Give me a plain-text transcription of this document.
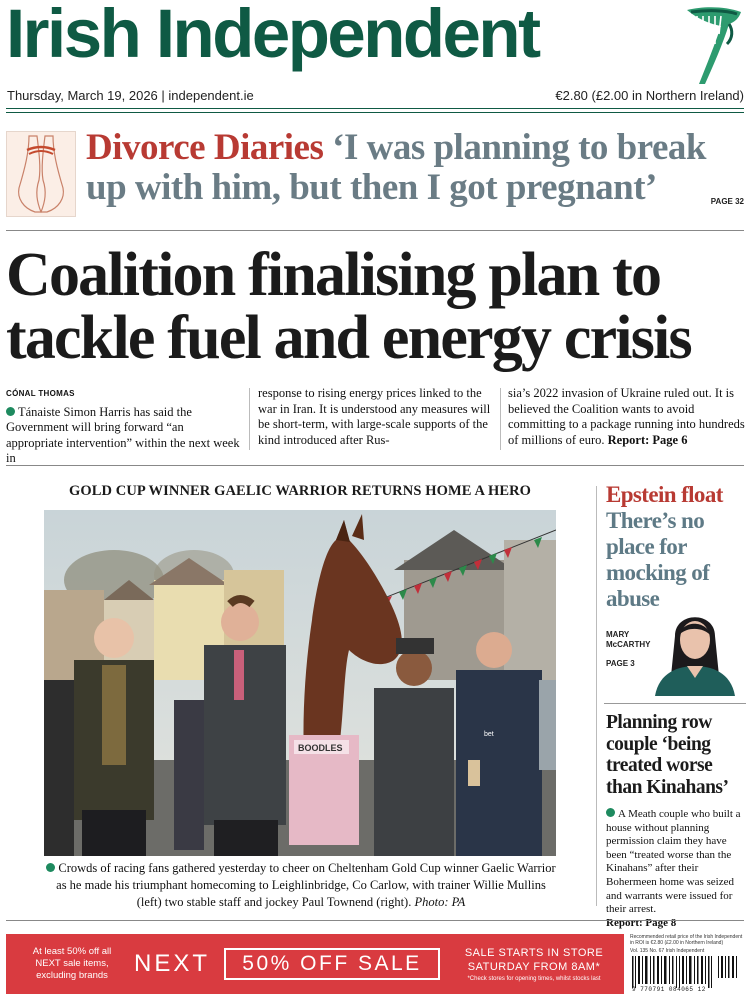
Irish Independent
Thursday, March 19, 2026 | independent.ie	€2.80 (£2.00 in Northern Ireland)
Divorce Diaries ‘I was planning to break up with him, but then I got pregnant’	PAGE 32
Coalition finalising plan to tackle fuel and energy crisis
CÓNAL THOMAS
Tánaiste Simon Harris has said the Government will bring forward “an appropriate intervention” within the next week in
response to rising energy prices linked to the war in Iran. It is understood any measures will be short-term, with large-scale supports of the kind introduced after Rus-
sia’s 2022 invasion of Ukraine ruled out. It is believed the Coalition wants to avoid committing to a package running into hundreds of millions of euro. Report: Page 6
GOLD CUP WINNER GAELIC WARRIOR RETURNS HOME A HERO
BOODLES
bet
Crowds of racing fans gathered yesterday to cheer on Cheltenham Gold Cup winner Gaelic Warrior as he made his triumphant homecoming to Leighlinbridge, Co Carlow, with trainer Willie Mullins (left) two stable staff and jockey Paul Townend (right). Photo: PA
Epstein float
There’s no place for mocking of abuse
MARY McCARTHY
PAGE 3
Planning row couple ‘being treated worse than Kinahans’
A Meath couple who built a house without planning permission claim they have been “treated worse than the Kinahans” after their Bohermeen home was seized and warrants were issued for their arrest.
Report: Page 8
At least 50% off all NEXT sale items, excluding brands	NEXT	50% OFF SALE	SALE STARTS IN STORE SATURDAY FROM 8AM*
*Check stores for opening times, whilst stocks last
Recommended retail price of the Irish Independent in ROI is €2.80 (£2.00 in Northern Ireland)
Vol. 135 No. 67 Irish Independent
9 770791 084065 12
